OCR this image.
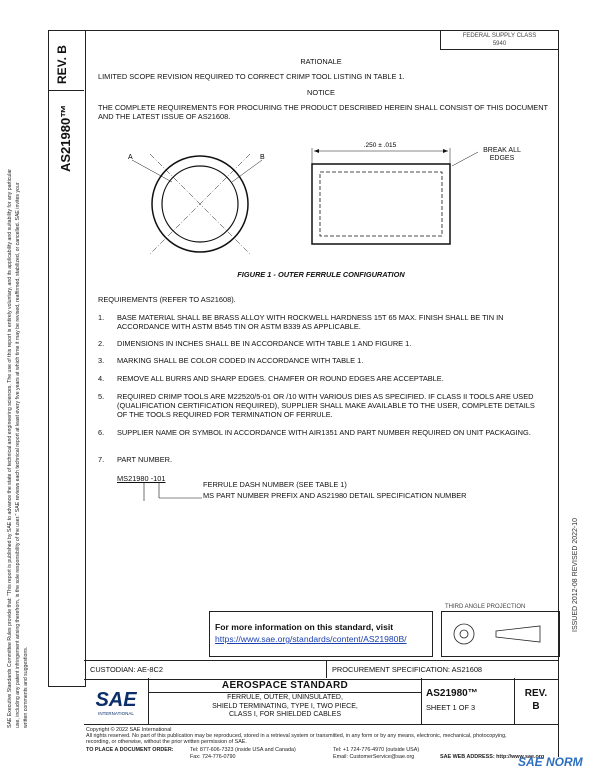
REV. B
AS21980™
SAE Executive Standards Committee Rules provide that: "This report is published by SAE to advance the state of technical and engineering sciences. The use of this report is entirely voluntary, and its applicability and suitability for any particular use, including any patent infringement arising therefrom, is the sole responsibility of the user." SAE reviews each technical report at least every five years at which time it may be revised, reaffirmed, stabilized, or cancelled. SAE invites your written comments and suggestions.
ISSUED 2012-08 REVISED 2022-10
FEDERAL SUPPLY CLASS
5940
RATIONALE
LIMITED SCOPE REVISION REQUIRED TO CORRECT CRIMP TOOL LISTING IN TABLE 1.
NOTICE
THE COMPLETE REQUIREMENTS FOR PROCURING THE PRODUCT DESCRIBED HEREIN SHALL CONSIST OF THIS DOCUMENT AND THE LATEST ISSUE OF AS21608.
A	B
.250 ± .015
BREAK ALL EDGES
FIGURE 1 - OUTER FERRULE CONFIGURATION
REQUIREMENTS (REFER TO AS21608).
1. BASE MATERIAL SHALL BE BRASS ALLOY WITH ROCKWELL HARDNESS 15T 65 MAX. FINISH SHALL BE TIN IN ACCORDANCE WITH ASTM B545 TIN OR ASTM B339 AS APPLICABLE.
2. DIMENSIONS IN INCHES SHALL BE IN ACCORDANCE WITH TABLE 1 AND FIGURE 1.
3. MARKING SHALL BE COLOR CODED IN ACCORDANCE WITH TABLE 1.
4. REMOVE ALL BURRS AND SHARP EDGES. CHAMFER OR ROUND EDGES ARE ACCEPTABLE.
5. REQUIRED CRIMP TOOLS ARE M22520/5-01 OR /10 WITH VARIOUS DIES AS SPECIFIED. IF CLASS II TOOLS ARE USED (QUALIFICATION CERTIFICATION REQUIRED), SUPPLIER SHALL MAKE AVAILABLE TO THE USER, COMPLETE DETAILS OF THE TOOLS REQUIRED FOR TERMINATION OF FERRULE.
6. SUPPLIER NAME OR SYMBOL IN ACCORDANCE WITH AIR1351 AND PART NUMBER REQUIRED ON UNIT PACKAGING.
7. PART NUMBER.
MS21980 -101
FERRULE DASH NUMBER (SEE TABLE 1)
MS PART NUMBER PREFIX AND AS21980 DETAIL SPECIFICATION NUMBER
For more information on this standard, visit
https://www.sae.org/standards/content/AS21980B/
THIRD ANGLE PROJECTION
CUSTODIAN: AE-8C2	PROCUREMENT SPECIFICATION: AS21608
SAE
INTERNATIONAL
AEROSPACE STANDARD
FERRULE, OUTER, UNINSULATED,
SHIELD TERMINATING, TYPE I, TWO PIECE,
CLASS I, FOR SHIELDED CABLES
AS21980™
SHEET 1 OF 3
REV.
B
Copyright © 2022 SAE International
All rights reserved. No part of this publication may be reproduced, stored in a retrieval system or transmitted, in any form or by any means, electronic, mechanical, photocopying,
recording, or otherwise, without the prior written permission of SAE.
TO PLACE A DOCUMENT ORDER:	Tel: 877-606-7323 (inside USA and Canada)
Fax: 724-776-0790
Tel: +1 724-776-4970 (outside USA)
Email: CustomerService@sae.org	SAE WEB ADDRESS: http://www.sae.org
SAE NORM
